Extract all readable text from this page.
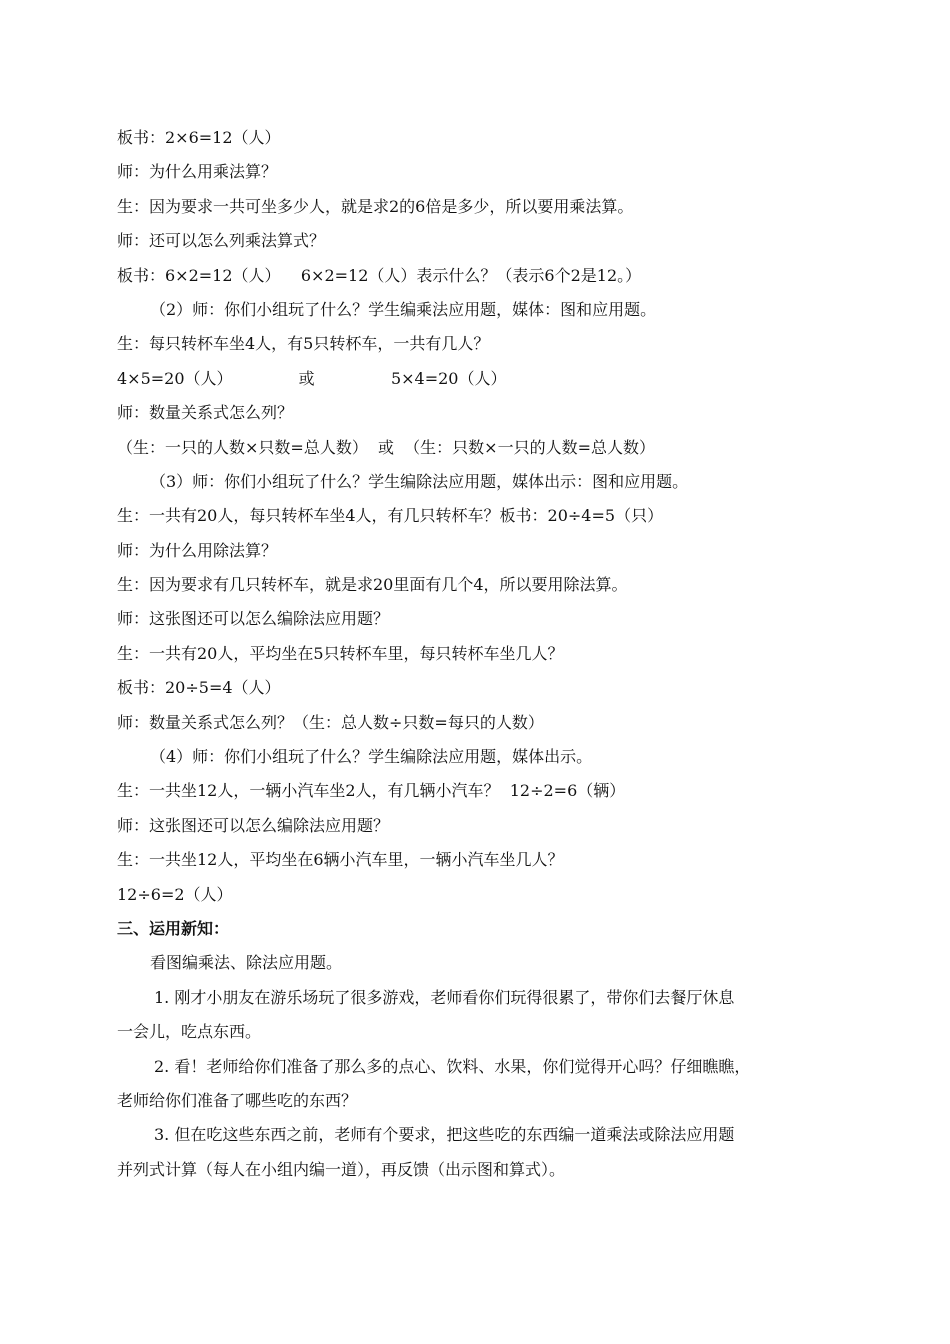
板书：2×6=12（人）
师：为什么用乘法算？
生：因为要求一共可坐多少人，就是求2的6倍是多少，所以要用乘法算。
师：还可以怎么列乘法算式？
板书：6×2=12（人）    6×2=12（人）表示什么？（表示6个2是12。）
（2）师：你们小组玩了什么？学生编乘法应用题，媒体：图和应用题。
生：每只转杯车坐4人，有5只转杯车，一共有几人？
4×5=20（人）             或               5×4=20（人）
师：数量关系式怎么列？
（生：一只的人数×只数=总人数）  或  （生：只数×一只的人数=总人数）
（3）师：你们小组玩了什么？学生编除法应用题，媒体出示：图和应用题。
生：一共有20人，每只转杯车坐4人，有几只转杯车？板书：20÷4=5（只）
师：为什么用除法算？
生：因为要求有几只转杯车，就是求20里面有几个4，所以要用除法算。
师：这张图还可以怎么编除法应用题？
生：一共有20人，平均坐在5只转杯车里，每只转杯车坐几人？
板书：20÷5=4（人）
师：数量关系式怎么列？（生：总人数÷只数=每只的人数）
（4）师：你们小组玩了什么？学生编除法应用题，媒体出示。
生：一共坐12人，一辆小汽车坐2人，有几辆小汽车？  12÷2=6（辆）
师：这张图还可以怎么编除法应用题？
生：一共坐12人，平均坐在6辆小汽车里，一辆小汽车坐几人？
12÷6=2（人）
三、运用新知：
看图编乘法、除法应用题。
1. 刚才小朋友在游乐场玩了很多游戏，老师看你们玩得很累了，带你们去餐厅休息
一会儿，吃点东西。
2. 看！老师给你们准备了那么多的点心、饮料、水果，你们觉得开心吗？仔细瞧瞧，
老师给你们准备了哪些吃的东西？
3. 但在吃这些东西之前，老师有个要求，把这些吃的东西编一道乘法或除法应用题
并列式计算（每人在小组内编一道），再反馈（出示图和算式）。
